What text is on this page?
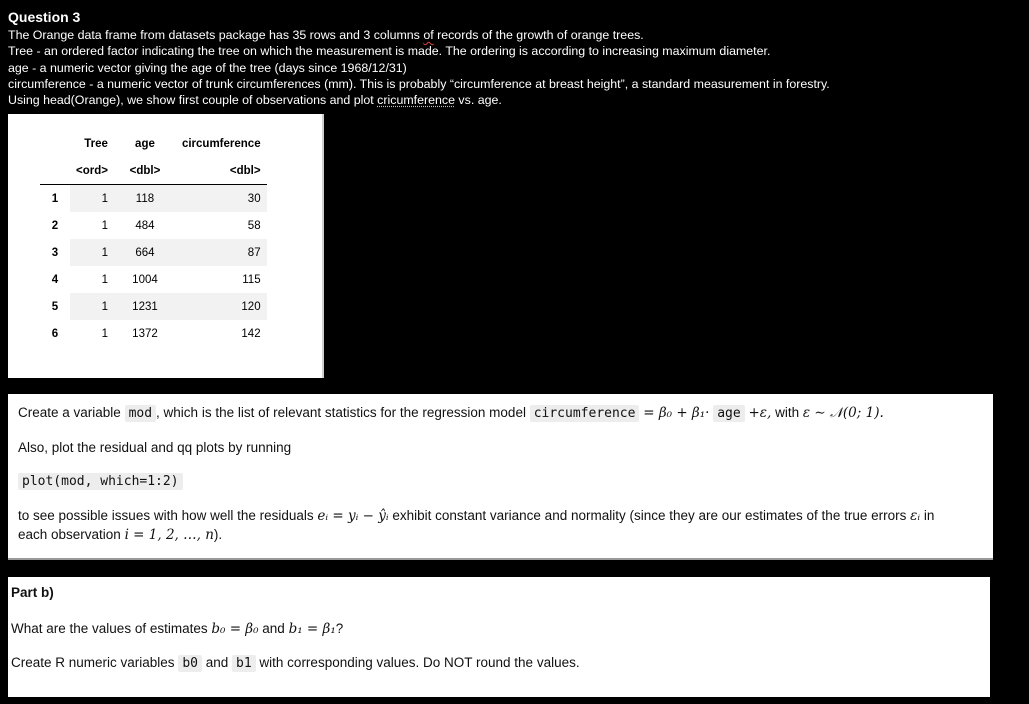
Question 3
The Orange data frame from datasets package has 35 rows and 3 columns of records of the growth of orange trees.
Tree - an ordered factor indicating the tree on which the measurement is made. The ordering is according to increasing maximum diameter.
age - a numeric vector giving the age of the tree (days since 1968/12/31)
circumference - a numeric vector of trunk circumferences (mm). This is probably “circumference at breast height”, a standard measurement in forestry.
Using head(Orange), we show first couple of observations and plot cricumference vs. age.
	Tree	age	circumference
	<ord>	<dbl>	<dbl>
1	1	118	30
2	1	484	58
3	1	664	87
4	1	1004	115
5	1	1231	120
6	1	1372	142
Create a variable mod , which is the list of relevant statistics for the regression model circumference = β₀ + β₁· age +ε, with ε ∼ 𝒩(0; 1).
Also, plot the residual and qq plots by running
plot(mod, which=1:2)
to see possible issues with how well the residuals eᵢ = yᵢ − ŷᵢ exhibit constant variance and normality (since they are our estimates of the true errors εᵢ in
each observation i = 1, 2, …, n).
Part b)
What are the values of estimates b₀ = β₀ and b₁ = β₁?
Create R numeric variables b0 and b1 with corresponding values. Do NOT round the values.
